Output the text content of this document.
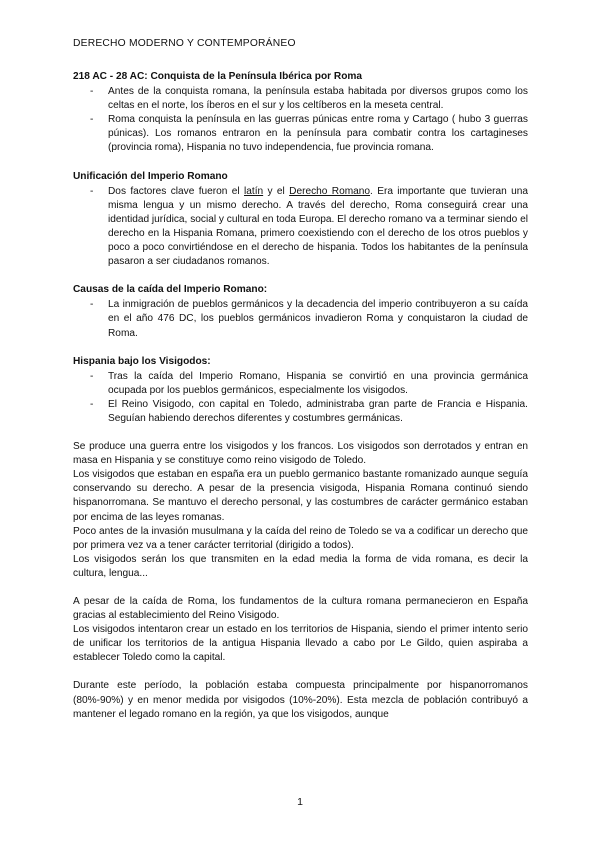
DERECHO MODERNO Y CONTEMPORÁNEO

218 AC - 28 AC: Conquista de la Península Ibérica por Roma

- Antes de la conquista romana, la península estaba habitada por diversos grupos como los celtas en el norte, los íberos en el sur y los celtíberos en la meseta central.
- Roma conquista la península en las guerras púnicas entre roma y Cartago ( hubo 3 guerras púnicas). Los romanos entraron en la península para combatir contra los cartagineses (provincia roma), Hispania no tuvo independencia, fue provincia romana.

Unificación del Imperio Romano

- Dos factores clave fueron el latín y el Derecho Romano. Era importante que tuvieran una misma lengua y un mismo derecho. A través del derecho, Roma conseguirá crear una identidad jurídica, social y cultural en toda Europa. El derecho romano va a terminar siendo el derecho en la Hispania Romana, primero coexistiendo con el derecho de los otros pueblos y poco a poco convirtiéndose en el derecho de hispania. Todos los habitantes de la península pasaron a ser ciudadanos romanos.

Causas de la caída del Imperio Romano:

- La inmigración de pueblos germánicos y la decadencia del imperio contribuyeron a su caída en el año 476 DC, los pueblos germánicos invadieron Roma y conquistaron la ciudad de Roma.

Hispania bajo los Visigodos:

- Tras la caída del Imperio Romano, Hispania se convirtió en una provincia germánica ocupada por los pueblos germánicos, especialmente los visigodos.
- El Reino Visigodo, con capital en Toledo, administraba gran parte de Francia e Hispania. Seguían habiendo derechos diferentes y costumbres germánicas.

Se produce una guerra entre los visigodos y los francos. Los visigodos son derrotados y entran en masa en Hispania y se constituye como reino visigodo de Toledo.

Los visigodos que estaban en españa era un pueblo germanico bastante romanizado aunque seguía conservando su derecho. A pesar de la presencia visigoda, Hispania Romana continuó siendo hispanorromana. Se mantuvo el derecho personal, y las costumbres de carácter germánico estaban por encima de las leyes romanas.

Poco antes de la invasión musulmana y la caída del reino de Toledo se va a codificar un derecho que por primera vez va a tener carácter territorial (dirigido a todos).

Los visigodos serán los que transmiten en la edad media la forma de vida romana, es decir la cultura, lengua...

A pesar de la caída de Roma, los fundamentos de la cultura romana permanecieron en España gracias al establecimiento del Reino Visigodo.

Los visigodos intentaron crear un estado en los territorios de Hispania, siendo el primer intento serio de unificar los territorios de la antigua Hispania llevado a cabo por Le Gildo, quien aspiraba a establecer Toledo como la capital.

Durante este período, la población estaba compuesta principalmente por hispanorromanos (80%-90%) y en menor medida por visigodos (10%-20%). Esta mezcla de población contribuyó a mantener el legado romano en la región, ya que los visigodos, aunque

1
